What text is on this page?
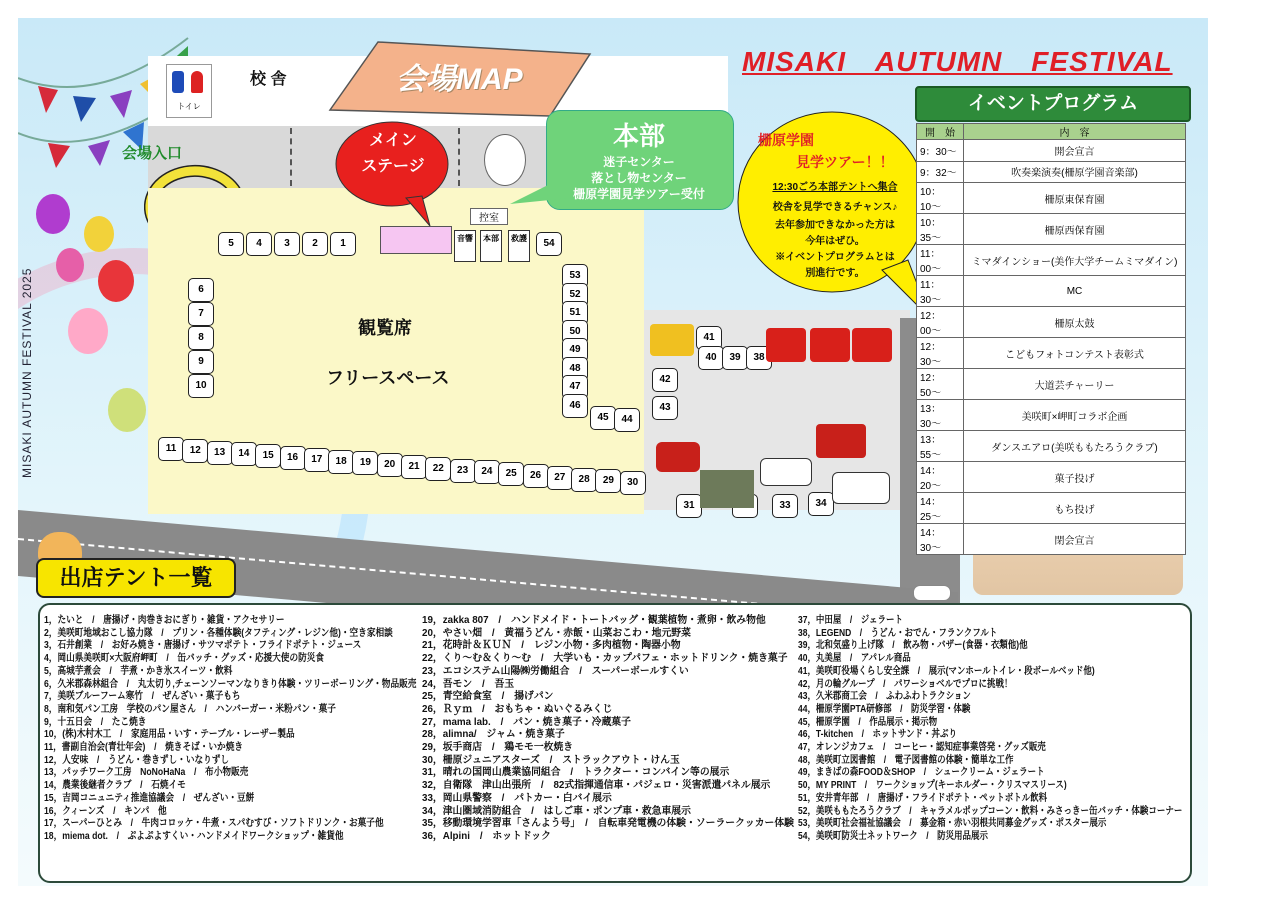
MISAKI AUTUMN FESTIVAL 2025
トイレ
校 舎	会場MAP
MISAKI　AUTUMN　FESTIVAL
会場入口
メイン
ステージ
本部
迷子センター
落とし物センター
栅原学園見学ツアー受付
控室
音響	本部	救護
観覧席
フリースペース
5	4	3	2	1
6
7
8
9
10
11	12	13	14	15	16	17	18	19	20	21	22	23	24	25	26	27	28	29	30
53
52
51
50
49
48
47
46
54
45	44
41
40	39	38
42
43
31	33	34
栅原学園
見学ツアー！！
12:30ごろ本部テントへ集合
校舎を見学できるチャンス♪
去年参加できなかった方は
今年はぜひ。
※イベントプログラムとは
別進行です。
イベントプログラム
開　始	内　容
9：30〜	開会宣言
9：32〜	吹奏楽演奏(柵原学園音楽部)
10：10〜	柵原東保育園
10：35〜	柵原西保育園
11：00〜	ミマダインショー(美作大学チームミマダイン)
11：30〜	MC
12：00〜	柵原太鼓
12：30〜	こどもフォトコンテスト表彰式
12：50〜	大道芸チャーリー
13：30〜	美咲町×岬町コラボ企画
13：55〜	ダンスエアロ(美咲ももたろうクラブ)
14：20〜	菓子投げ
14：25〜	もち投げ
14：30〜	閉会宣言
出店テント一覧
1，たいと　/　唐揚げ・肉巻きおにぎり・雑貨・アクセサリー
2，美咲町地域おこし協力隊　/　プリン・各種体験(タフティング・レジン他)・空き家相談
3，石井創業　/　お好み焼き・唐揚げ・サツマポテト・フライドポテト・ジュース
4，岡山県美咲町×大阪府岬町　/　缶バッチ・グッズ・応援大使の防災食
5，高城芋煮会　/　芋煮・かき氷スイーツ・飲料
6，久米郡森林組合　/　丸太切り,チェーンソーマンなりきり体験・ツリーボーリング・物品販売
7，美咲ブルーフーム寒竹　/　ぜんざい・菓子もち
8，南和気パン工房　学校のパン屋さん　/　ハンバーガー・米粉パン・菓子
9，十五日会　/　たこ焼き
10，(株)木村木工　/　家庭用品・いす・テーブル・レーザー製品
11，書副自治会(青壮年会)　/　焼きそば・いか焼き
12，人安味　/　うどん・巻きずし・いなりずし
13，パッチワーク工房　NoNoHaNa　/　布小物販売
14，農業後継者クラブ　/　石焼イモ
15，吉岡コニュニティ推進協議会　/　ぜんざい・豆餅
16，クィーンズ　/　キンパ　他
17，スーパーひとみ　/　牛肉コロッケ・牛煮・スパむすび・ソフトドリンク・お菓子他
18，miema dot.　/　ぷよぷよすくい・ハンドメイドワークショップ・雑貨他
19，zakka 807　/　ハンドメイド・トートバッグ・観葉植物・煮卵・飲み物他
20，やさい畑　/　黄福うどん・赤飯・山菜おこわ・地元野菜
21，花時計＆ＫＵＮ　/　レジン小物・多肉植物・陶器小物
22，くり〜む＆くり〜む　/　大学いも・カップパフェ・ホットドリンク・焼き菓子
23，エコシステム山陽㈱労働組合　/　スーパーボールすくい
24，吾モン　/　吾玉
25，青空給食室　/　揚げパン
26，Ｒｙｍ　/　おもちゃ・ぬいぐるみくじ
27，mama lab.　/　パン・焼き菓子・冷蔵菓子
28，alimna/　ジャム・焼き菓子
29，坂手商店　/　鶏モモ一枚焼き
30，柵原ジュニアスターズ　/　ストラックアウト・けん玉
31，晴れの国岡山農業協同組合　/　トラクター・コンバイン等の展示
32，自衛隊　津山出張所　/　82式指揮通信車・パジェロ・災害派遣パネル展示
33，岡山県警察　/　パトカー・白バイ展示
34，津山圏域消防組合　/　はしご車・ポンプ車・救急車展示
35，移動環境学習車「さんよう号」　/　自転車発電機の体験・ソーラークッカー体験
36，Alpini　/　ホットドック
37，中田屋　/　ジェラート
38，LEGEND　/　うどん・おでん・フランクフルト
39，北和気盛り上げ隊　/　飲み物・バザー(食器・衣類他)他
40，丸美屋　/　アパレル商品
41，美咲町役場くらし安全課　/　展示(マンホールトイレ・段ボールベッド他)
42，月の輪グループ　/　パワーショベルでプロに挑戦！
43，久米郡商工会　/　ふわふわトラクション
44，柵原学園PTA研修部　/　防災学習・体験
45，柵原学園　/　作品展示・掲示物
46，T-kitchen　/　ホットサンド・丼ぶり
47，オレンジカフェ　/　コーヒー・認知症事業啓発・グッズ販売
48，美咲町立図書館　/　電子図書館の体験・簡単な工作
49，まきばの森FOOD＆SHOP　/　シュークリーム・ジェラート
50，MY PRINT　/　ワークショップ(キーホルダー・クリスマスリース)
51，安井青年部　/　唐揚げ・フライドポテト・ペットボトル飲料
52，美咲ももたろうクラブ　/　キャラメルポップコーン・飲料・みさっきー缶バッチ・体験コーナー
53，美咲町社会福祉協議会　/　募金箱・赤い羽根共同募金グッズ・ポスター展示
54，美咲町防災士ネットワーク　/　防災用品展示
